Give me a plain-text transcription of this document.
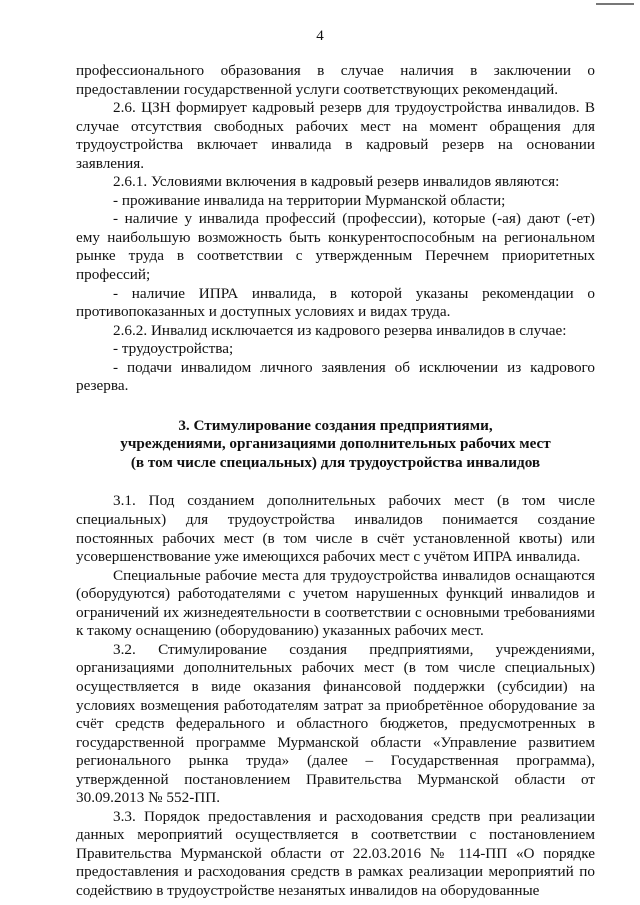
4

профессионального образования в случае наличия в заключении о предоставлении государственной услуги соответствующих рекомендаций.

2.6. ЦЗН формирует кадровый резерв для трудоустройства инвалидов. В случае отсутствия свободных рабочих мест на момент обращения для трудоустройства включает инвалида в кадровый резерв на основании заявления.

2.6.1. Условиями включения в кадровый резерв инвалидов являются:

- проживание инвалида на территории Мурманской области;

- наличие у инвалида профессий (профессии), которые (-ая) дают (-ет) ему наибольшую возможность быть конкурентоспособным на региональном рынке труда в соответствии с утвержденным Перечнем приоритетных профессий;

- наличие ИПРА инвалида, в которой указаны рекомендации о противопоказанных и доступных условиях и видах труда.

2.6.2. Инвалид исключается из кадрового резерва инвалидов в случае:

- трудоустройства;

- подачи инвалидом личного заявления об исключении из кадрового резерва.

3. Стимулирование создания предприятиями,
учреждениями, организациями дополнительных рабочих мест
(в том числе специальных) для трудоустройства инвалидов

3.1. Под созданием дополнительных рабочих мест (в том числе специальных) для трудоустройства инвалидов понимается создание постоянных рабочих мест (в том числе в счёт установленной квоты) или усовершенствование уже имеющихся рабочих мест с учётом ИПРА инвалида.

Специальные рабочие места для трудоустройства инвалидов оснащаются (оборудуются) работодателями с учетом нарушенных функций инвалидов и ограничений их жизнедеятельности в соответствии с основными требованиями к такому оснащению (оборудованию) указанных рабочих мест.

3.2. Стимулирование создания предприятиями, учреждениями, организациями дополнительных рабочих мест (в том числе специальных) осуществляется в виде оказания финансовой поддержки (субсидии) на условиях возмещения работодателям затрат за приобретённое оборудование за счёт средств федерального и областного бюджетов, предусмотренных в государственной программе Мурманской области «Управление развитием регионального рынка труда» (далее – Государственная программа), утвержденной постановлением Правительства Мурманской области от 30.09.2013 № 552-ПП.

3.3. Порядок предоставления и расходования средств при реализации данных мероприятий осуществляется в соответствии с постановлением Правительства Мурманской области от 22.03.2016 № 114-ПП «О порядке предоставления и расходования средств в рамках реализации мероприятий по содействию в трудоустройстве незанятых инвалидов на оборудованные
